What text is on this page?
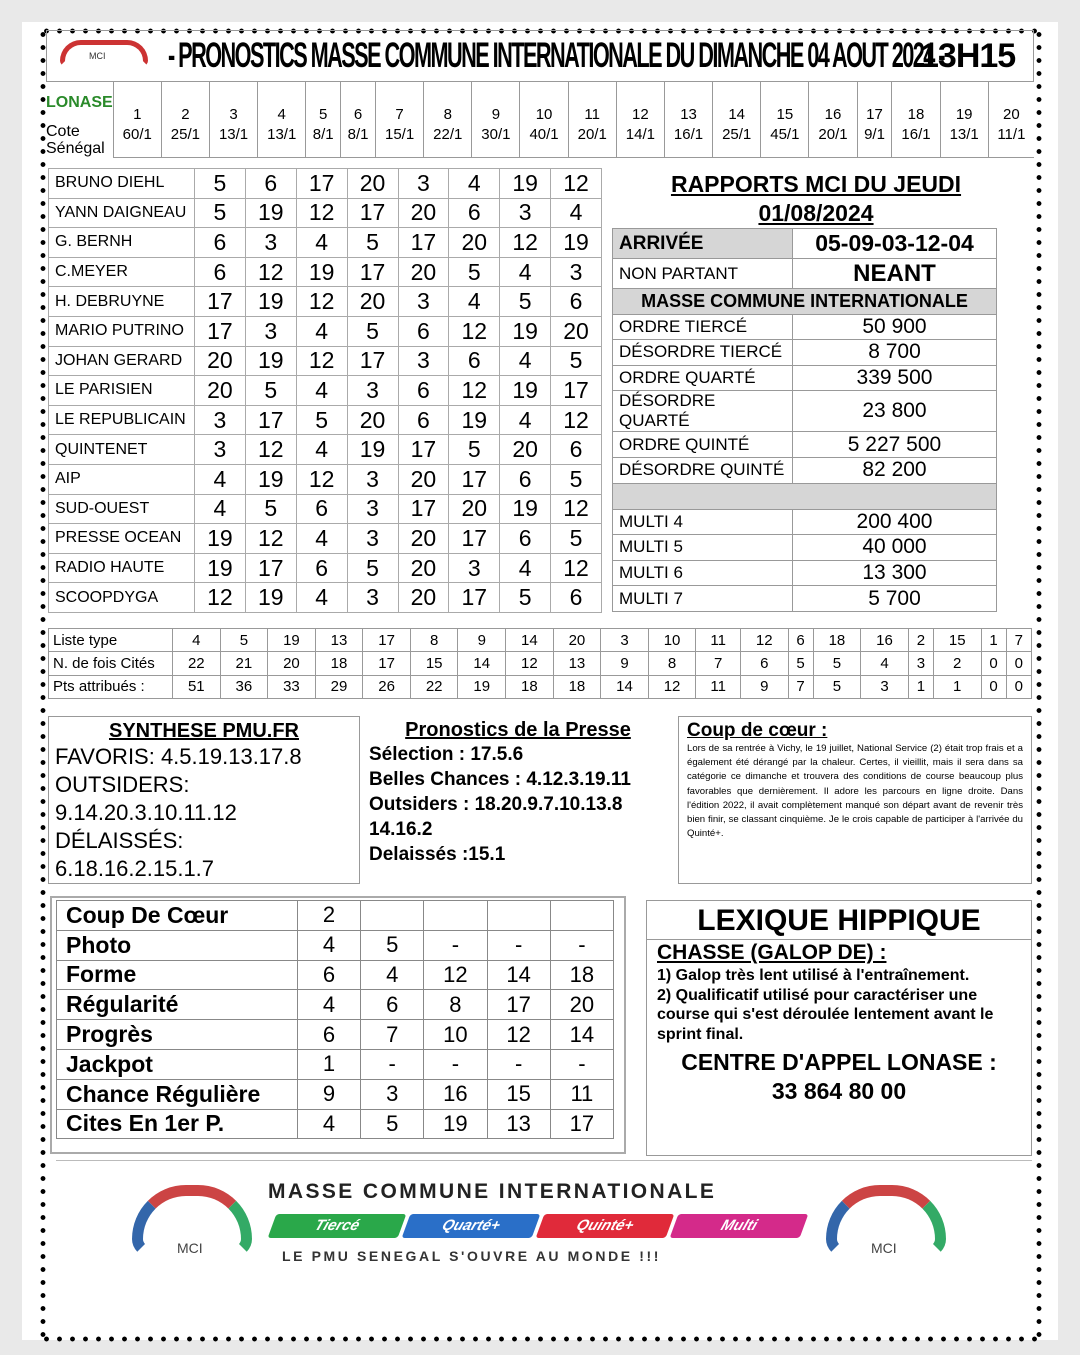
MCI - PRONOSTICS MASSE COMMUNE INTERNATIONALE DU DIMANCHE 04 AOUT 2024 -
13H15
LONASE	1	2	3	4	5	6	7	8	9	10	11	12	13	14	15	16	17	18	19	20
Cote Sénégal	60/1	25/1	13/1	13/1	8/1	8/1	15/1	22/1	30/1	40/1	20/1	14/1	16/1	25/1	45/1	20/1	9/1	16/1	13/1	11/1
BRUNO DIEHL	5	6	17	20	3	4	19	12
YANN DAIGNEAU	5	19	12	17	20	6	3	4
G. BERNH	6	3	4	5	17	20	12	19
C.MEYER	6	12	19	17	20	5	4	3
H. DEBRUYNE	17	19	12	20	3	4	5	6
MARIO PUTRINO	17	3	4	5	6	12	19	20
JOHAN GERARD	20	19	12	17	3	6	4	5
LE PARISIEN	20	5	4	3	6	12	19	17
LE REPUBLICAIN	3	17	5	20	6	19	4	12
QUINTENET	3	12	4	19	17	5	20	6
AIP	4	19	12	3	20	17	6	5
SUD-OUEST	4	5	6	3	17	20	19	12
PRESSE OCEAN	19	12	4	3	20	17	6	5
RADIO HAUTE	19	17	6	5	20	3	4	12
SCOOPDYGA	12	19	4	3	20	17	5	6
RAPPORTS MCI DU JEUDI
01/08/2024
ARRIVÉE	05-09-03-12-04
NON PARTANT	NEANT
MASSE COMMUNE INTERNATIONALE	
ORDRE TIERCÉ	50 900
DÉSORDRE TIERCÉ	8 700
ORDRE QUARTÉ	339 500
DÉSORDRE QUARTÉ	23 800
ORDRE QUINTÉ	5 227 500
DÉSORDRE QUINTÉ	82 200

MULTI 4	200 400
MULTI 5	40 000
MULTI 6	13 300
MULTI 7	5 700
Liste type	4	5	19	13	17	8	9	14	20	3	10	11	12	6	18	16	2	15	1	7
N. de fois Cités	22	21	20	18	17	15	14	12	13	9	8	7	6	5	5	4	3	2	0	0
Pts attribués :	51	36	33	29	26	22	19	18	18	14	12	11	9	7	5	3	1	1	0	0
SYNTHESE PMU.FR

FAVORIS: 4.5.19.13.17.8

OUTSIDERS:

9.14.20.3.10.11.12

DÉLAISSÉS:

6.18.16.2.15.1.7

Pronostics de la Presse

Sélection : 17.5.6

Belles Chances : 4.12.3.19.11

Outsiders : 18.20.9.7.10.13.8

14.16.2

Delaissés :15.1

Coup de cœur :

Lors de sa rentrée à Vichy, le 19 juillet, National Service (2) était trop frais et a également été dérangé par la chaleur. Certes, il vieillit, mais il sera dans sa catégorie ce dimanche et trouvera des conditions de course beaucoup plus favorables que dernièrement. Il adore les parcours en ligne droite. Dans l'édition 2022, il avait complètement manqué son départ avant de revenir très bien finir, se classant cinquième. Je le crois capable de participer à l'arrivée du Quinté+.

Coup De Cœur	2				
Photo	4	5	-	-	-
Forme	6	4	12	14	18
Régularité	4	6	8	17	20
Progrès	6	7	10	12	14
Jackpot	1	-	-	-	-
Chance Régulière	9	3	16	15	11
Cites En 1er P.	4	5	19	13	17
LEXIQUE HIPPIQUE
CHASSE (GALOP DE) :

1) Galop très lent utilisé à l'entraînement.

2) Qualificatif utilisé pour caractériser une course qui s'est déroulée lentement avant le sprint final.

CENTRE D'APPEL LONASE :
33 864 80 00
MCI	MCI
MASSE COMMUNE INTERNATIONALE
Tiercé	Quarté+	Quinté+	Multi
LE PMU SENEGAL S'OUVRE AU MONDE !!!
